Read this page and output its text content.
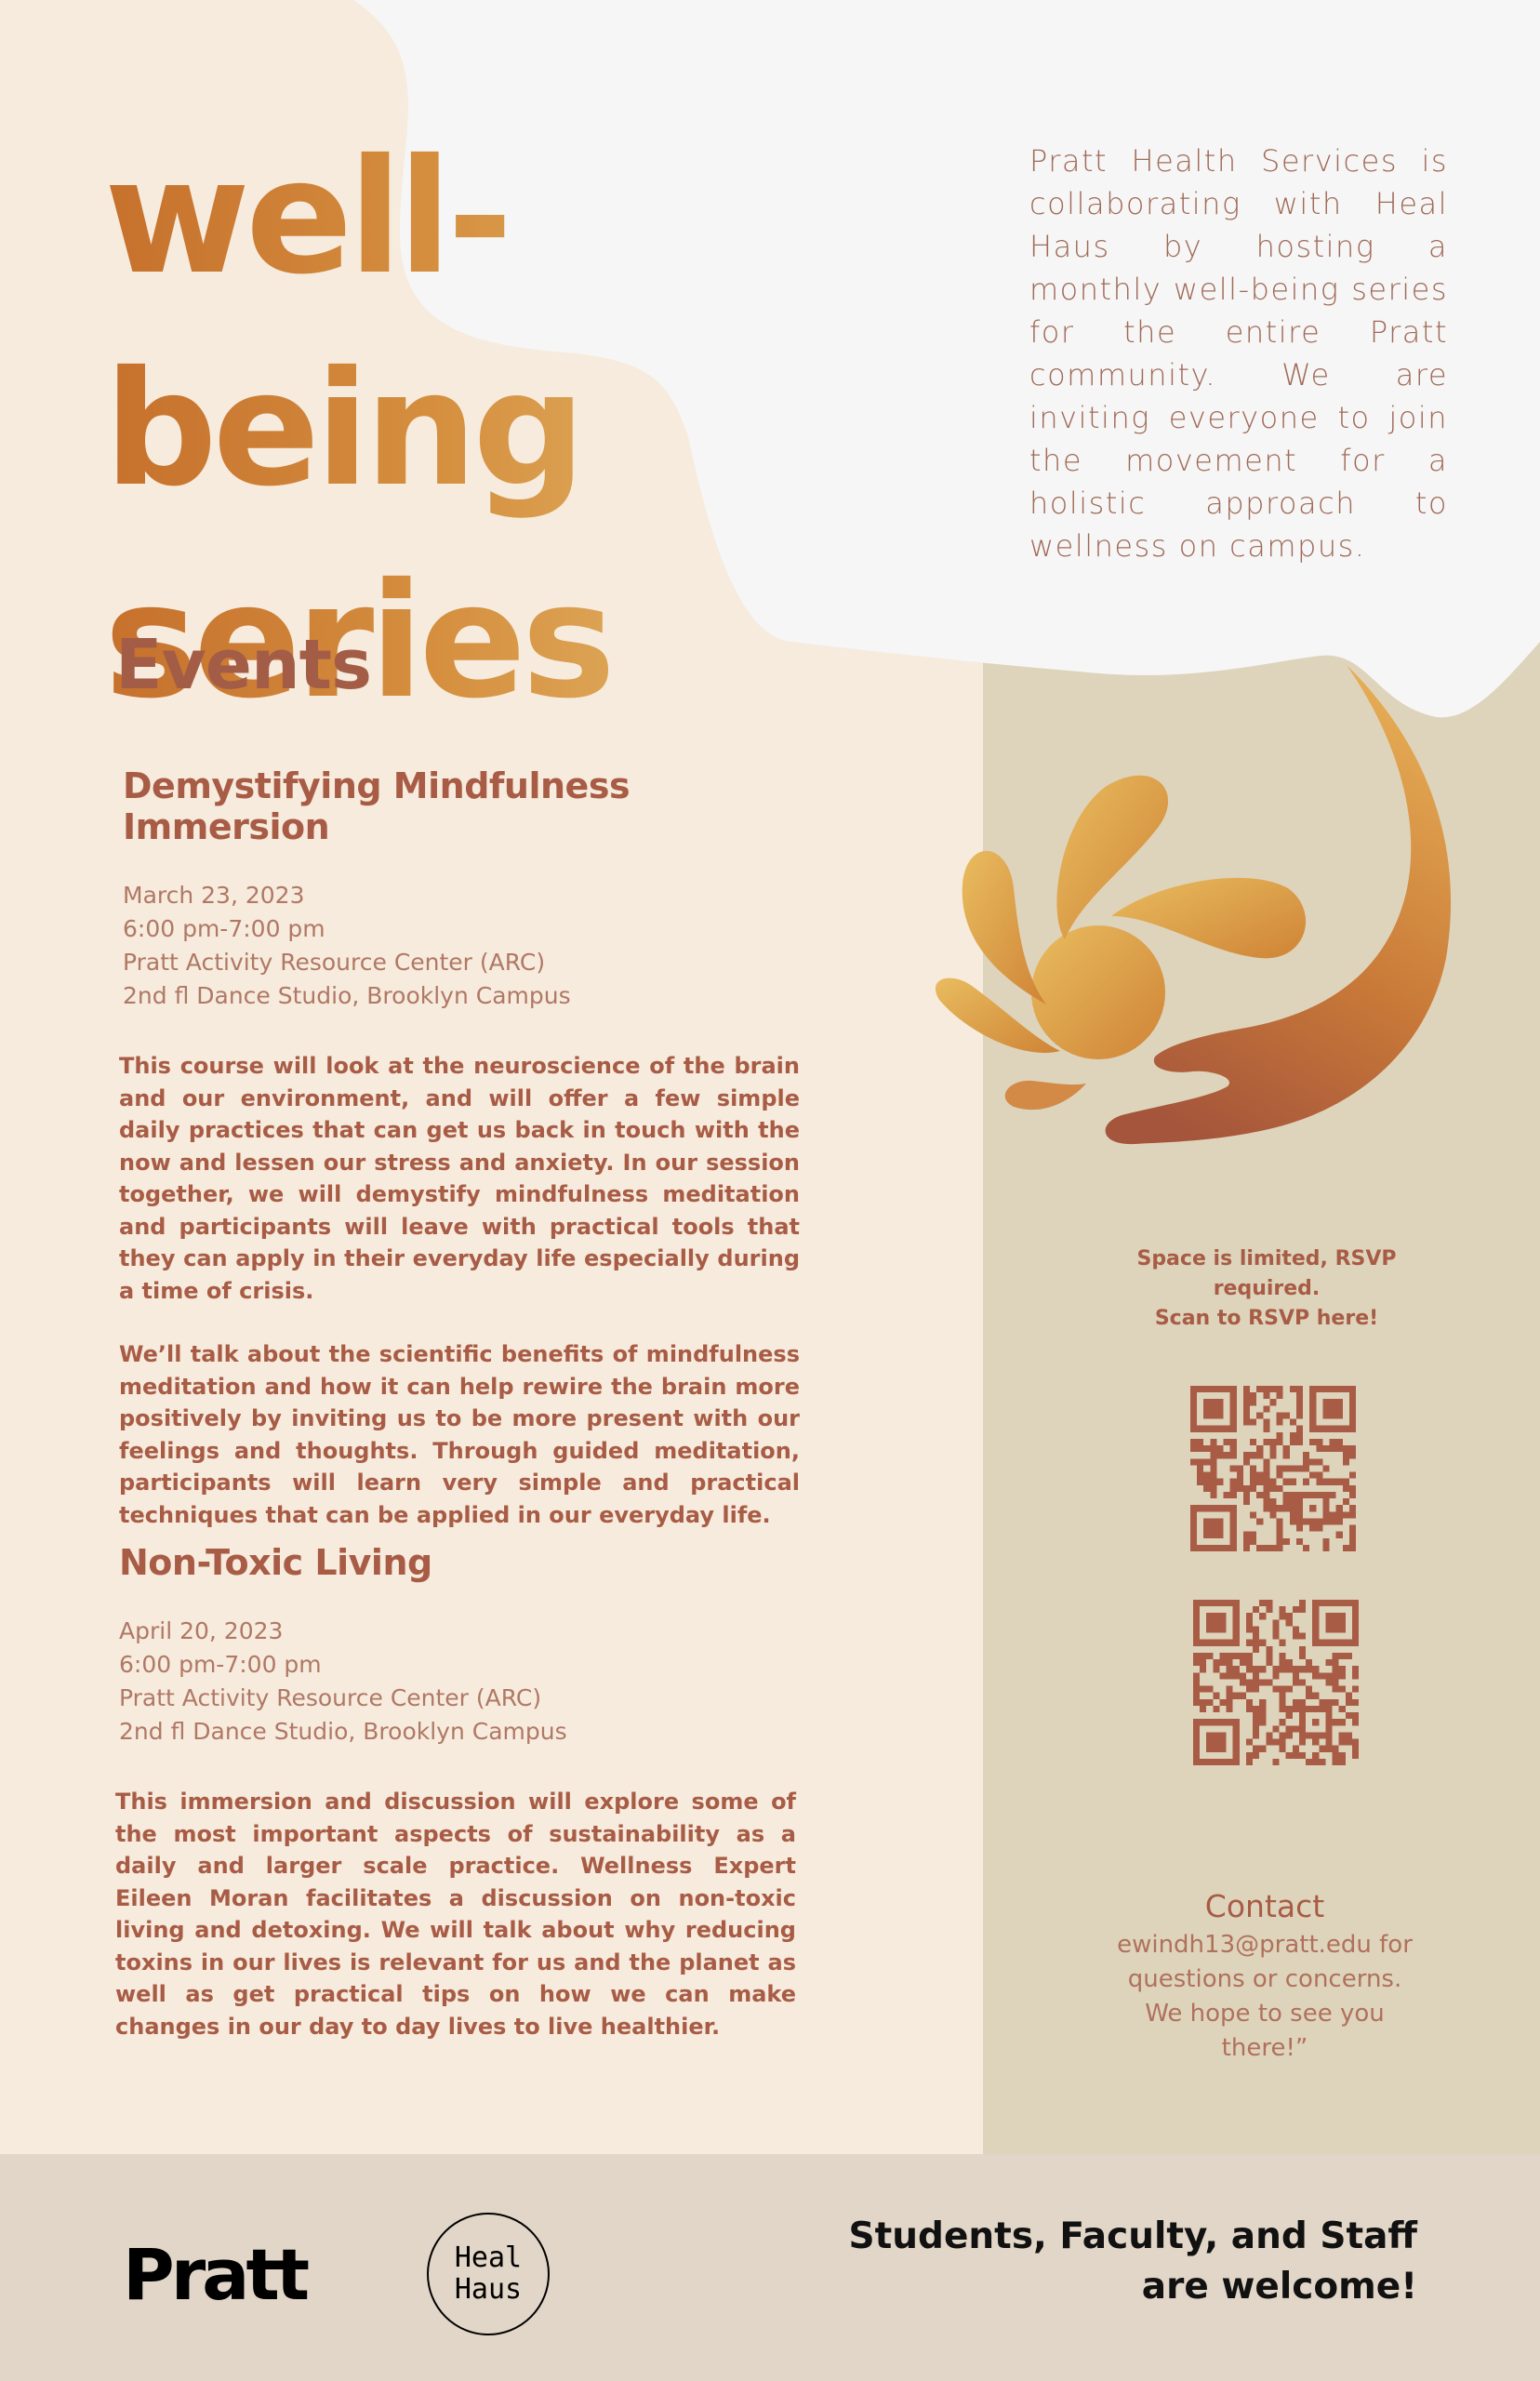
well-being
series

Pratt Health Services is collaborating with Heal Haus by hosting a monthly well-being series for the entire Pratt community. We are inviting everyone to join the movement for a holistic approach to wellness on campus.

Events
Demystifying Mindfulness Immersion
March 23, 2023
6:00 pm-7:00 pm
Pratt Activity Resource Center (ARC)
2nd fl Dance Studio, Brooklyn Campus

This course will look at the neuroscience of the brain and our environment, and will offer a few simple daily practices that can get us back in touch with the now and lessen our stress and anxiety. In our session together, we will demystify mindfulness meditation and participants will leave with practical tools that they can apply in their everyday life especially during a time of crisis.

We’ll talk about the scientific benefits of mindfulness meditation and how it can help rewire the brain more positively by inviting us to be more present with our feelings and thoughts. Through guided meditation, participants will learn very simple and practical techniques that can be applied in our everyday life.

Non-Toxic Living
April 20, 2023
6:00 pm-7:00 pm
Pratt Activity Resource Center (ARC)
2nd fl Dance Studio, Brooklyn Campus

This immersion and discussion will explore some of the most important aspects of sustainability as a daily and larger scale practice. Wellness Expert Eileen Moran facilitates a discussion on non-toxic living and detoxing. We will talk about why reducing toxins in our lives is relevant for us and the planet as well as get practical tips on how we can make changes in our day to day lives to live healthier.

Space is limited, RSVP required.
Scan to RSVP here!
Contact
ewindh13@pratt.edu for questions or concerns. We hope to see you there!”
Pratt	Heal
Haus
Students, Faculty, and Staff
are welcome!
